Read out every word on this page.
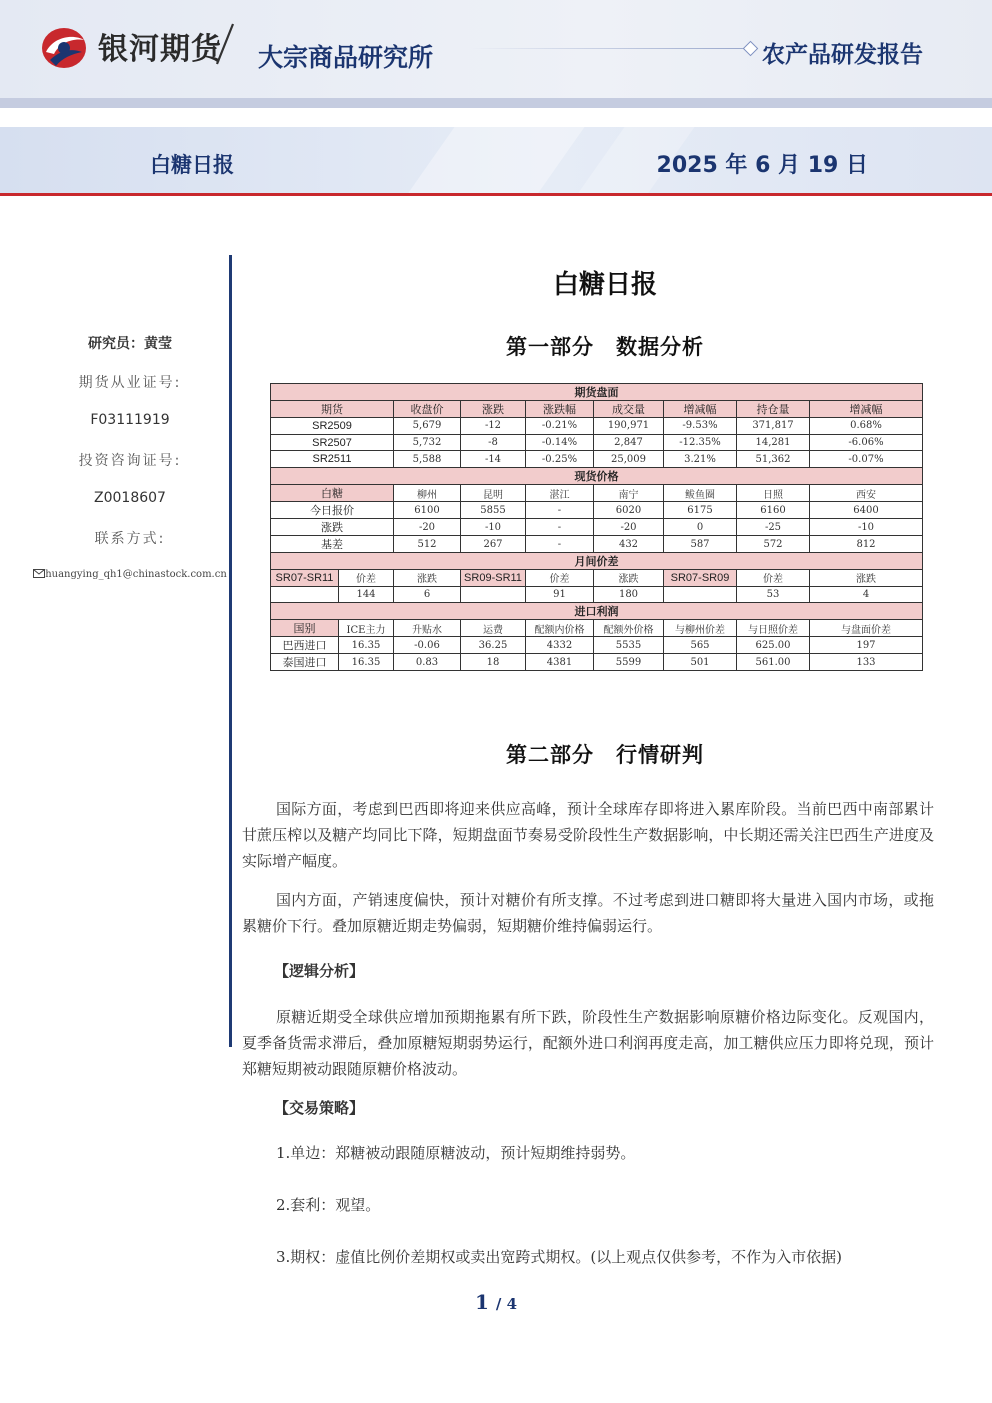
银河期货 大宗商品研究所	农产品研发报告
白糖日报	2025 年 6 月 19 日
研究员：黄莹
期货从业证号:
F03111919
投资咨询证号:
Z0018607
联系方式:
huangying_qh1@chinastock.com.cn
白糖日报
第一部分　数据分析
期货盘面								
期货		收盘价	涨跌	涨跌幅	成交量	增减幅	持仓量	增减幅
SR2509		5,679	-12	-0.21%	190,971	-9.53%	371,817	0.68%
SR2507		5,732	-8	-0.14%	2,847	-12.35%	14,281	-6.06%
SR2511		5,588	-14	-0.25%	25,009	3.21%	51,362	-0.07%
现货价格								
白糖		柳州	昆明	湛江	南宁	鲅鱼圈	日照	西安
今日报价		6100	5855	-	6020	6175	6160	6400
涨跌		-20	-10	-	-20	0	-25	-10
基差		512	267	-	432	587	572	812
月间价差								
SR07-SR11	价差	涨跌	SR09-SR11	价差	涨跌	SR07-SR09	价差	涨跌
	144	6		91	180		53	4
进口利润								
国别	ICE主力	升贴水	运费	配额内价格	配额外价格	与柳州价差	与日照价差	与盘面价差
巴西进口	16.35	-0.06	36.25	4332	5535	565	625.00	197
泰国进口	16.35	0.83	18	4381	5599	501	561.00	133
第二部分　行情研判
国际方面，考虑到巴西即将迎来供应高峰，预计全球库存即将进入累库阶段。当前巴西中南部累计甘蔗压榨以及糖产均同比下降，短期盘面节奏易受阶段性生产数据影响，中长期还需关注巴西生产进度及实际增产幅度。
国内方面，产销速度偏快，预计对糖价有所支撑。不过考虑到进口糖即将大量进入国内市场，或拖累糖价下行。叠加原糖近期走势偏弱，短期糖价维持偏弱运行。
【逻辑分析】
原糖近期受全球供应增加预期拖累有所下跌，阶段性生产数据影响原糖价格边际变化。反观国内，夏季备货需求滞后，叠加原糖短期弱势运行，配额外进口利润再度走高，加工糖供应压力即将兑现，预计郑糖短期被动跟随原糖价格波动。
【交易策略】
1.单边：郑糖被动跟随原糖波动，预计短期维持弱势。
2.套利：观望。
3.期权：虚值比例价差期权或卖出宽跨式期权。(以上观点仅供参考，不作为入市依据)
1 / 4
